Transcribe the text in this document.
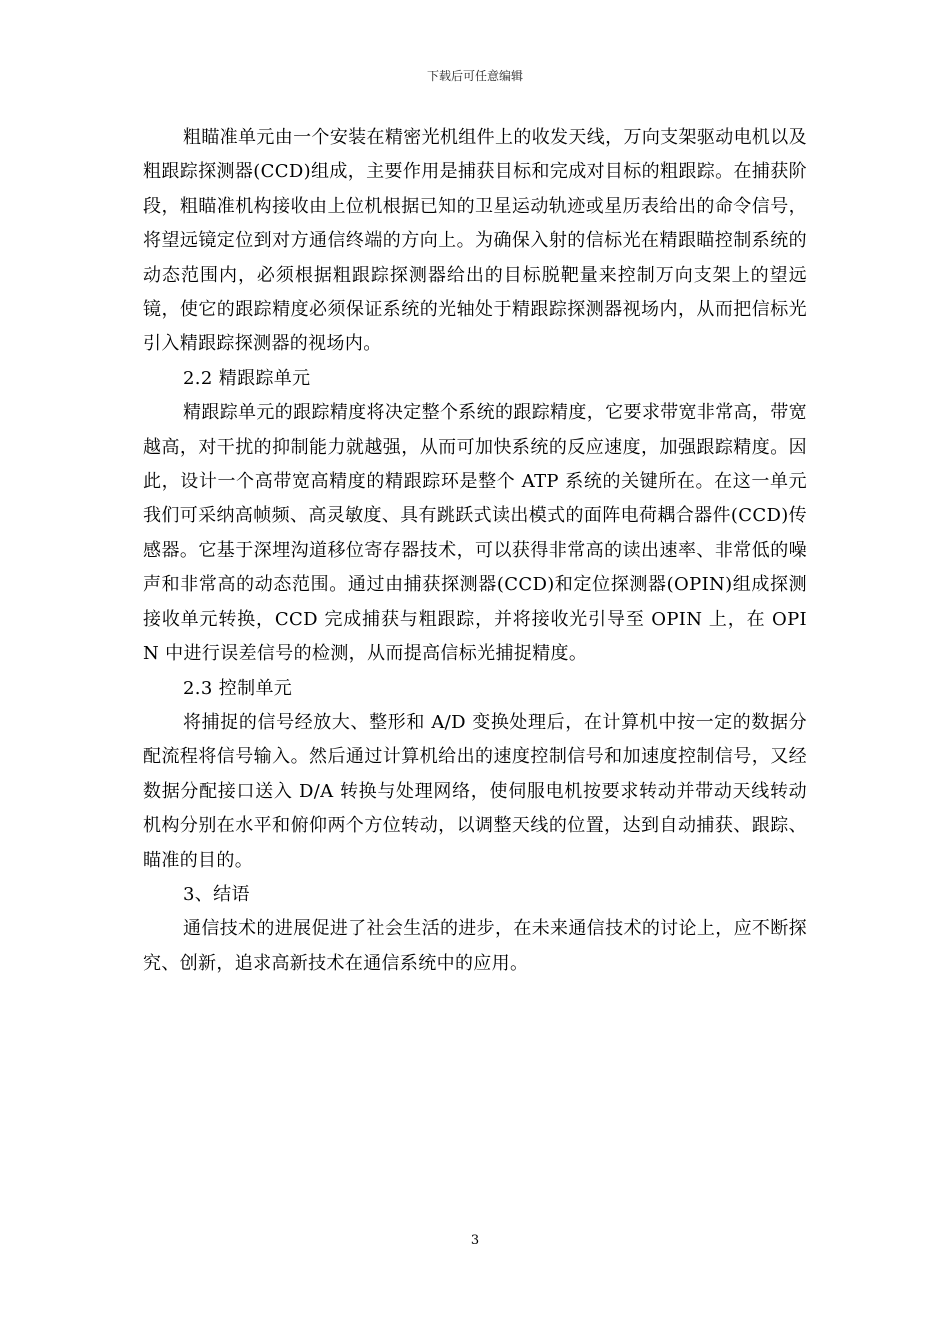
下载后可任意编辑

粗瞄准单元由一个安装在精密光机组件上的收发天线，万向支架驱动电机以及粗跟踪探测器(CCD)组成，主要作用是捕获目标和完成对目标的粗跟踪。在捕获阶段，粗瞄准机构接收由上位机根据已知的卫星运动轨迹或星历表给出的命令信号，将望远镜定位到对方通信终端的方向上。为确保入射的信标光在精跟瞄控制系统的动态范围内，必须根据粗跟踪探测器给出的目标脱靶量来控制万向支架上的望远镜，使它的跟踪精度必须保证系统的光轴处于精跟踪探测器视场内，从而把信标光引入精跟踪探测器的视场内。

2.2 精跟踪单元

精跟踪单元的跟踪精度将决定整个系统的跟踪精度，它要求带宽非常高，带宽越高，对干扰的抑制能力就越强，从而可加快系统的反应速度，加强跟踪精度。因此，设计一个高带宽高精度的精跟踪环是整个 ATP 系统的关键所在。在这一单元我们可采纳高帧频、高灵敏度、具有跳跃式读出模式的面阵电荷耦合器件(CCD)传感器。它基于深埋沟道移位寄存器技术，可以获得非常高的读出速率、非常低的噪声和非常高的动态范围。通过由捕获探测器(CCD)和定位探测器(OPIN)组成探测接收单元转换，CCD 完成捕获与粗跟踪，并将接收光引导至 OPIN 上，在 OPIN 中进行误差信号的检测，从而提高信标光捕捉精度。

2.3 控制单元

将捕捉的信号经放大、整形和 A/D 变换处理后，在计算机中按一定的数据分配流程将信号输入。然后通过计算机给出的速度控制信号和加速度控制信号，又经数据分配接口送入 D/A 转换与处理网络，使伺服电机按要求转动并带动天线转动机构分别在水平和俯仰两个方位转动，以调整天线的位置，达到自动捕获、跟踪、瞄准的目的。

3、结语

通信技术的进展促进了社会生活的进步，在未来通信技术的讨论上，应不断探究、创新，追求高新技术在通信系统中的应用。

3
